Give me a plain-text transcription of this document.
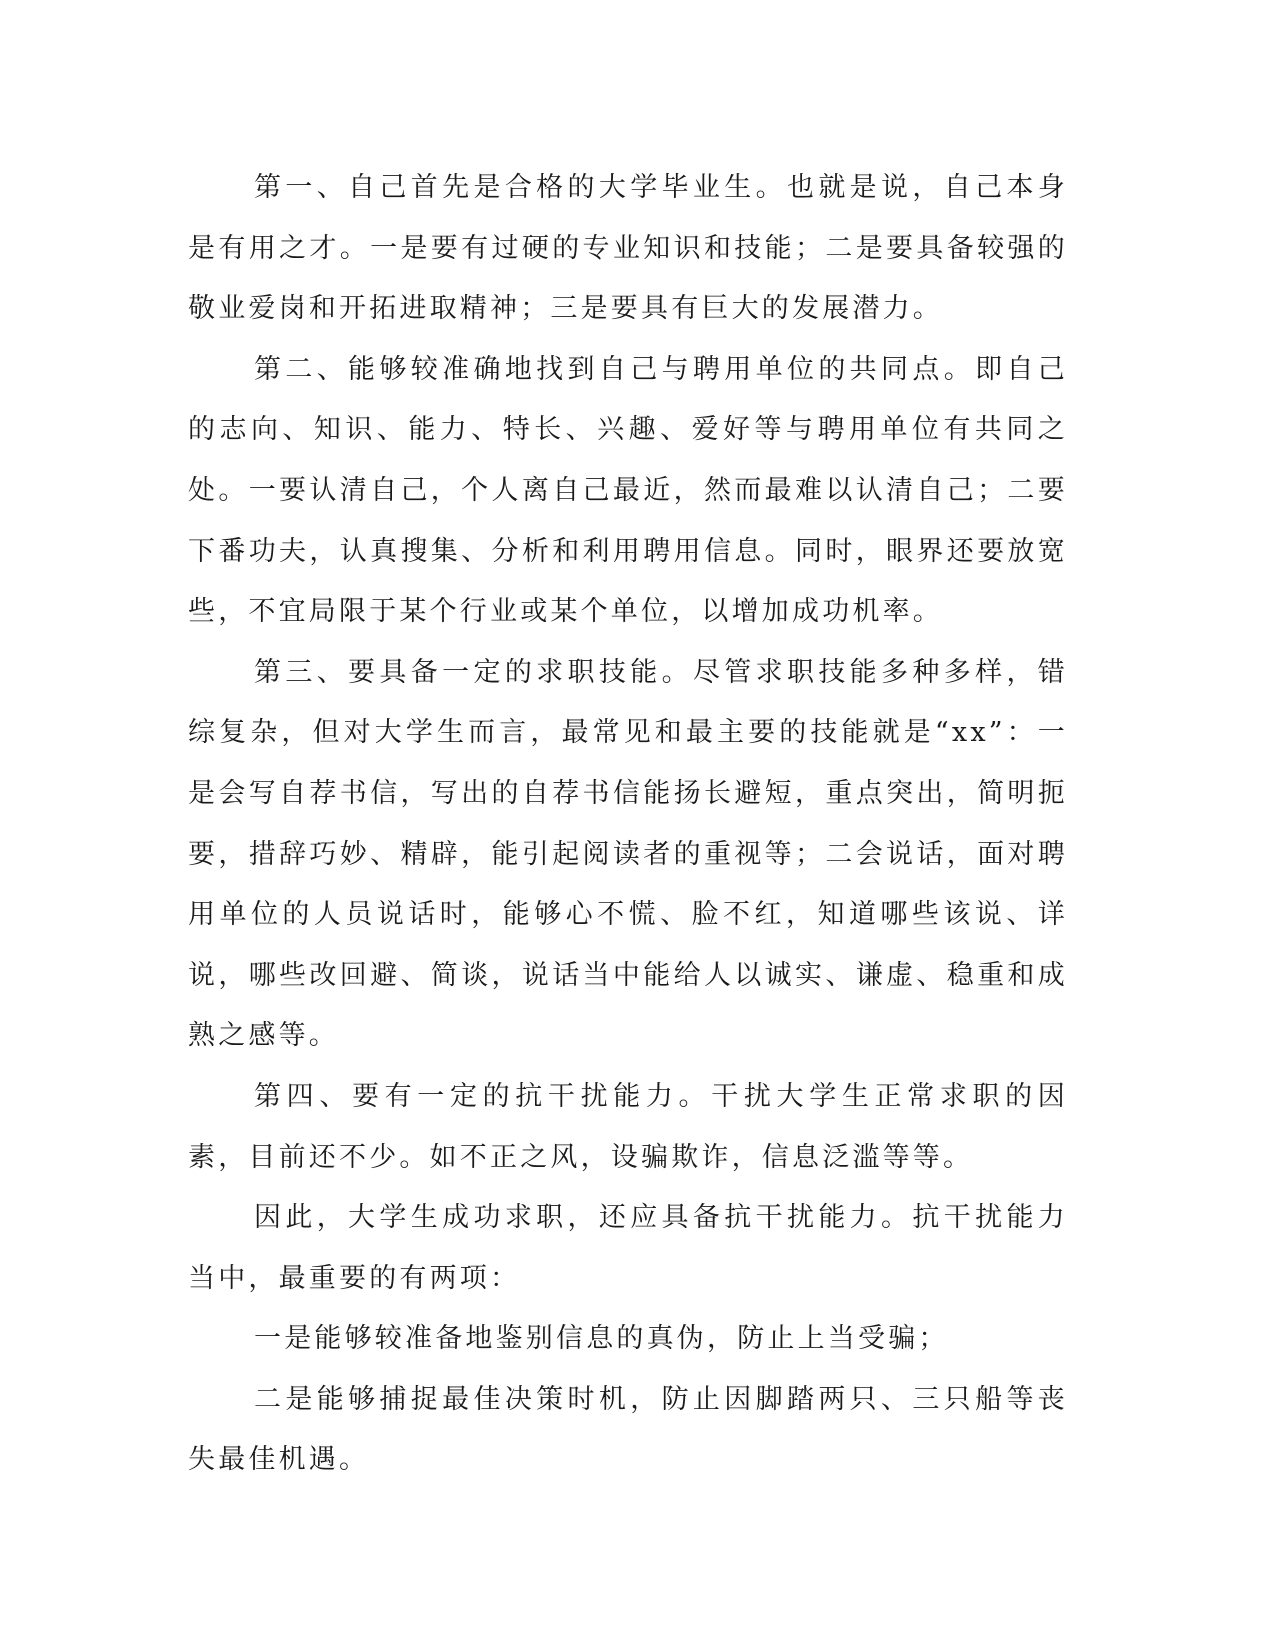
第一、自己首先是合格的大学毕业生。也就是说，自己本身是有用之才。一是要有过硬的专业知识和技能；二是要具备较强的敬业爱岗和开拓进取精神；三是要具有巨大的发展潜力。

第二、能够较准确地找到自己与聘用单位的共同点。即自己的志向、知识、能力、特长、兴趣、爱好等与聘用单位有共同之处。一要认清自己，个人离自己最近，然而最难以认清自己；二要下番功夫，认真搜集、分析和利用聘用信息。同时，眼界还要放宽些，不宜局限于某个行业或某个单位，以增加成功机率。

第三、要具备一定的求职技能。尽管求职技能多种多样，错综复杂，但对大学生而言，最常见和最主要的技能就是“xx”：一是会写自荐书信，写出的自荐书信能扬长避短，重点突出，简明扼要，措辞巧妙、精辟，能引起阅读者的重视等；二会说话，面对聘用单位的人员说话时，能够心不慌、脸不红，知道哪些该说、详说，哪些改回避、简谈，说话当中能给人以诚实、谦虚、稳重和成熟之感等。

第四、要有一定的抗干扰能力。干扰大学生正常求职的因素，目前还不少。如不正之风，设骗欺诈，信息泛滥等等。

因此，大学生成功求职，还应具备抗干扰能力。抗干扰能力当中，最重要的有两项：

一是能够较准备地鉴别信息的真伪，防止上当受骗；

二是能够捕捉最佳决策时机，防止因脚踏两只、三只船等丧失最佳机遇。
